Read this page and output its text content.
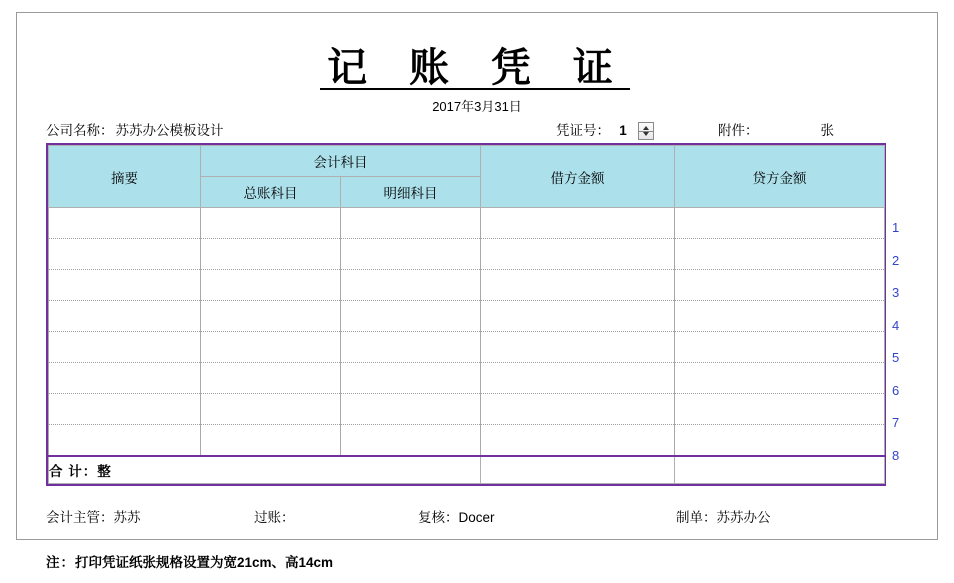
记 账 凭 证
2017年3月31日
公司名称： 苏苏办公模板设计	凭证号： 1	附件：	张
摘要	会计科目		借方金额	贷方金额
	总账科目	明细科目		

合 计：整				
1
2
3
4
5
6
7
8
会计主管：苏苏	过账：	复核：Docer	制单：苏苏办公
注：打印凭证纸张规格设置为宽21cm、高14cm
